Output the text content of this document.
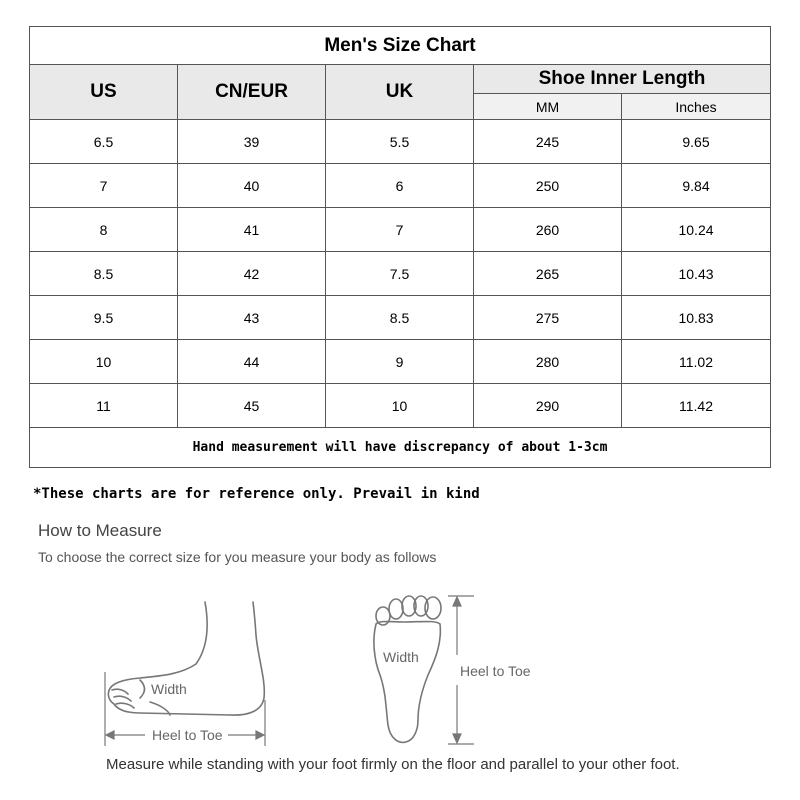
Men's Size Chart				
US	CN/EUR	UK	Shoe Inner Length	
			MM	Inches
6.5	39	5.5	245	9.65
7	40	6	250	9.84
8	41	7	260	10.24
8.5	42	7.5	265	10.43
9.5	43	8.5	275	10.83
10	44	9	280	11.02
11	45	10	290	11.42
Hand measurement will have discrepancy of about 1-3cm				
*These charts are for reference only. Prevail in kind
How to Measure
To choose the correct size for you measure your body as follows
Width
Heel to Toe
Width
Heel to Toe
Measure while standing with your foot firmly on the floor and parallel to your other foot.
